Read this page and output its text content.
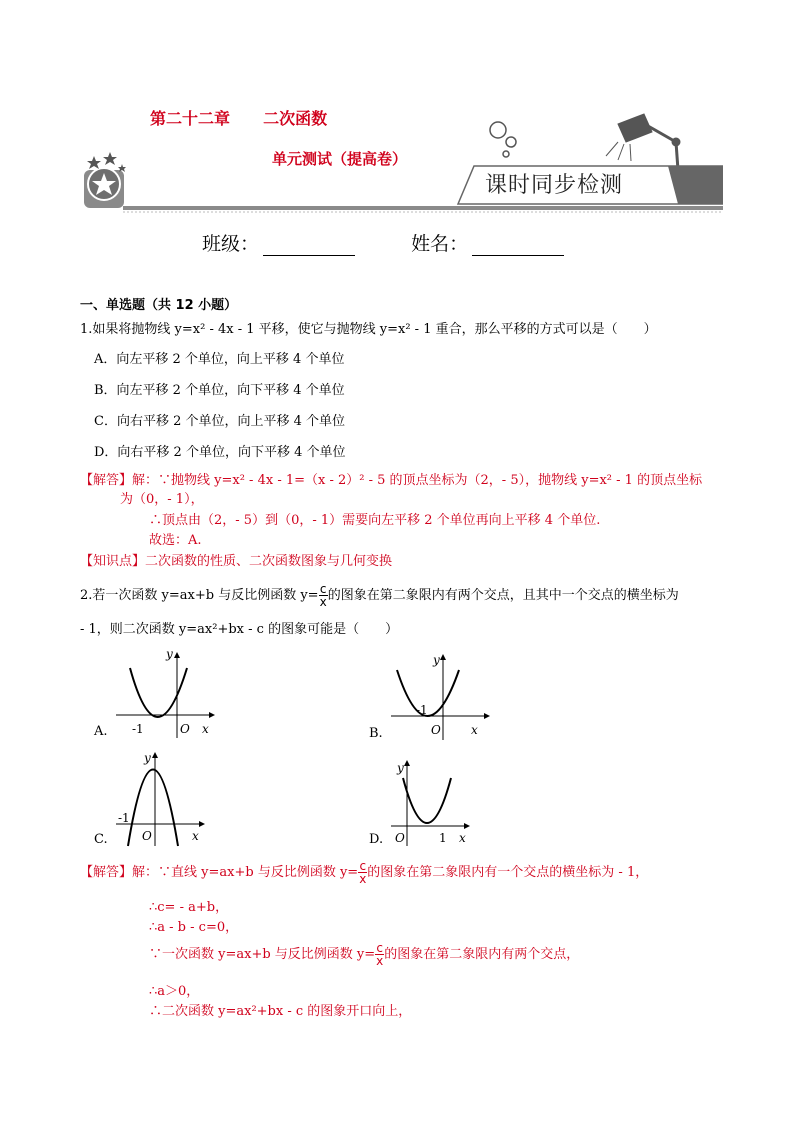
第二十二章 二次函数
单元测试（提高卷）
课时同步检测
班级：	姓名：
一、单选题（共 12 小题）
1.如果将抛物线 y=x² - 4x - 1 平移，使它与抛物线 y=x² - 1 重合，那么平移的方式可以是（　　）
A．向左平移 2 个单位，向上平移 4 个单位
B．向左平移 2 个单位，向下平移 4 个单位
C．向右平移 2 个单位，向上平移 4 个单位
D．向右平移 2 个单位，向下平移 4 个单位
【解答】解：∵抛物线 y=x² - 4x - 1=（x - 2）² - 5 的顶点坐标为（2，- 5），抛物线 y=x² - 1 的顶点坐标
为（0，- 1），
∴顶点由（2，- 5）到（0，- 1）需要向左平移 2 个单位再向上平移 4 个单位.
故选：A.
【知识点】二次函数的性质、二次函数图象与几何变换
2.若一次函数 y=ax+b 与反比例函数 $y= \frac{c}{x}$ 的图象在第二象限内有两个交点，且其中一个交点的横坐标为
- 1，则二次函数 y=ax²+bx - c 的图象可能是（　　）
A.
y
x
O
-1	B.
y
x
O
-1
C.
y
x
O
-1
D.
y
x
O	1
【解答】解：∵直线 y=ax+b 与反比例函数 $y= \frac{c}{x}$ 的图象在第二象限内有一个交点的横坐标为 - 1，
∴c= - a+b，
∴a - b - c=0，
∵一次函数 y=ax+b 与反比例函数 $y= \frac{c}{x}$ 的图象在第二象限内有两个交点，
∴a＞0，
∴二次函数 y=ax²+bx - c 的图象开口向上，
